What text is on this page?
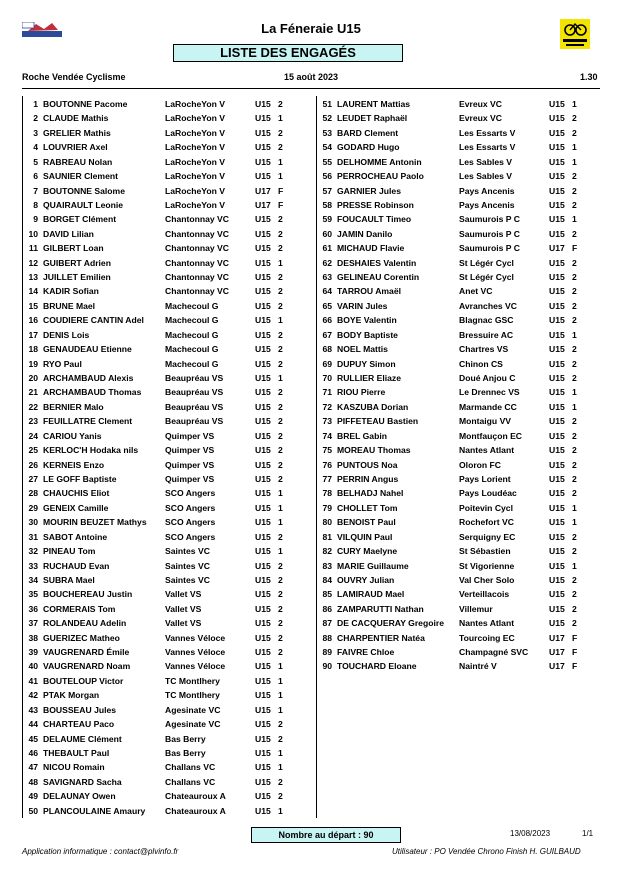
La Féneraie U15
LISTE DES ENGAGÉS
Roche Vendée Cyclisme	15 août 2023	1.30
1 BOUTONNE Pacome	LaRocheYon V	U15 2
2 CLAUDE Mathis	LaRocheYon V	U15 1
3 GRELIER Mathis	LaRocheYon V	U15 2
4 LOUVRIER Axel	LaRocheYon V	U15 2
5 RABREAU Nolan	LaRocheYon V	U15 1
6 SAUNIER Clement	LaRocheYon V	U15 1
7 BOUTONNE Salome	LaRocheYon V	U17 F
8 QUAIRAULT Leonie	LaRocheYon V	U17 F
9 BORGET Clément	Chantonnay VC	U15 2
10 DAVID Lilian	Chantonnay VC	U15 2
11 GILBERT Loan	Chantonnay VC	U15 2
12 GUIBERT Adrien	Chantonnay VC	U15 1
13 JUILLET Emilien	Chantonnay VC	U15 2
14 KADIR Sofian	Chantonnay VC	U15 2
15 BRUNE Mael	Machecoul G	U15 2
16 COUDIERE CANTIN Adel Machecoul G	U15 1
17 DENIS Lois	Machecoul G	U15 2
18 GENAUDEAU Etienne	Machecoul G	U15 2
19 RYO Paul	Machecoul G	U15 2
20 ARCHAMBAUD Alexis	Beaupréau VS	U15 1
21 ARCHAMBAUD Thomas	Beaupréau VS	U15 2
22 BERNIER Malo	Beaupréau VS	U15 2
23 FEUILLATRE Clement	Beaupréau VS	U15 2
24 CARIOU Yanis	Quimper VS	U15 2
25 KERLOC'H Hodaka nils	Quimper VS	U15 2
26 KERNEIS Enzo	Quimper VS	U15 2
27 LE GOFF Baptiste	Quimper VS	U15 2
28 CHAUCHIS Eliot	SCO Angers	U15 1
29 GENEIX Camille	SCO Angers	U15 1
30 MOURIN BEUZET Mathys SCO Angers	U15 1
31 SABOT Antoine	SCO Angers	U15 2
32 PINEAU Tom	Saintes VC	U15 1
33 RUCHAUD Evan	Saintes VC	U15 2
34 SUBRA Mael	Saintes VC	U15 2
35 BOUCHEREAU Justin	Vallet VS	U15 2
36 CORMERAIS Tom	Vallet VS	U15 2
37 ROLANDEAU Adelin	Vallet VS	U15 2
38 GUERIZEC Matheo	Vannes Véloce	U15 2
39 VAUGRENARD Émile	Vannes Véloce	U15 2
40 VAUGRENARD Noam	Vannes Véloce	U15 1
41 BOUTELOUP Victor	TC Montlhery	U15 1
42 PTAK Morgan	TC Montlhery	U15 1
43 BOUSSEAU Jules	Agesinate VC	U15 1
44 CHARTEAU Paco	Agesinate VC	U15 2
45 DELAUME Clément	Bas Berry	U15 2
46 THEBAULT Paul	Bas Berry	U15 1
47 NICOU Romain	Challans VC	U15 1
48 SAVIGNARD Sacha	Challans VC	U15 2
49 DELAUNAY Owen	Chateauroux A	U15 2
50 PLANCOULAINE Amaury Chateauroux A	U15 1
51 LAURENT Mattias	Evreux VC	U15 1
52 LEUDET Raphaël	Evreux VC	U15 2
53 BARD Clement	Les Essarts V	U15 2
54 GODARD Hugo	Les Essarts V	U15 1
55 DELHOMME Antonin	Les Sables V	U15 1
56 PERROCHEAU Paolo	Les Sables V	U15 2
57 GARNIER Jules	Pays Ancenis	U15 2
58 PRESSE Robinson	Pays Ancenis	U15 2
59 FOUCAULT Timeo	Saumurois P C	U15 1
60 JAMIN Danilo	Saumurois P C	U15 2
61 MICHAUD Flavie	Saumurois P C	U17 F
62 DESHAIES Valentin	St Légér Cycl	U15 2
63 GELINEAU Corentin	St Légér Cycl	U15 2
64 TARROU Amaël	Anet VC	U15 2
65 VARIN Jules	Avranches VC	U15 2
66 BOYE Valentin	Blagnac GSC	U15 2
67 BODY Baptiste	Bressuire AC	U15 1
68 NOEL Mattis	Chartres VS	U15 2
69 DUPUY Simon	Chinon CS	U15 2
70 RULLIER Eliaze	Doué Anjou C	U15 2
71 RIOU Pierre	Le Drennec VS	U15 1
72 KASZUBA Dorian	Marmande CC	U15 1
73 PIFFETEAU Bastien	Montaigu VV	U15 2
74 BREL Gabin	Montfauçon EC	U15 2
75 MOREAU Thomas	Nantes Atlant	U15 2
76 PUNTOUS Noa	Oloron FC	U15 2
77 PERRIN Angus	Pays Lorient	U15 2
78 BELHADJ Nahel	Pays Loudéac	U15 2
79 CHOLLET Tom	Poitevin Cycl	U15 1
80 BENOIST Paul	Rochefort VC	U15 1
81 VILQUIN Paul	Serquigny EC	U15 2
82 CURY Maelyne	St Sébastien	U15 2
83 MARIE Guillaume	St Vigorienne	U15 1
84 OUVRY Julian	Val Cher Solo	U15 2
85 LAMIRAUD Mael	Verteillacois	U15 2
86 ZAMPARUTTI Nathan	Villemur	U15 2
87 DE CACQUERAY Gregoire Nantes Atlant	U15 2
88 CHARPENTIER Natéa	Tourcoing EC	U17 F
89 FAIVRE Chloe	Champagné SVC U17 F
90 TOUCHARD Eloane	Naintré V	U17 F
Nombre au départ : 90	13/08/2023	1/1
Application informatique : contact@plvinfo.fr	Utilisateur : PO Vendée Chrono Finish H. GUILBAUD
